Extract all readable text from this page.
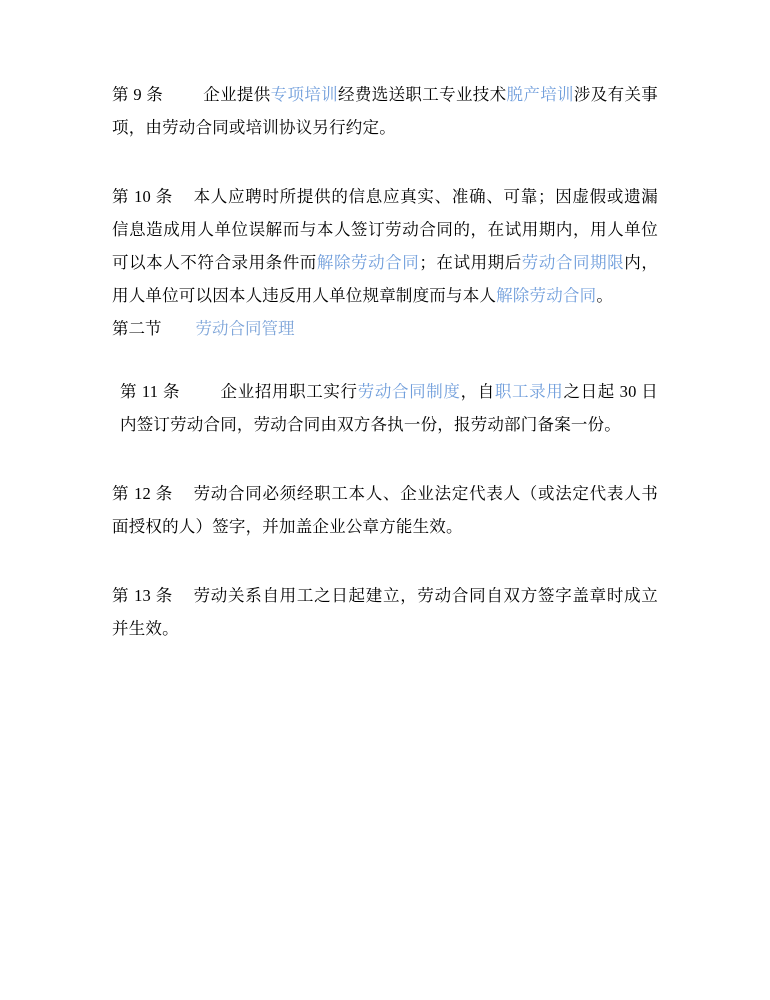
第 9 条 企业提供专项培训经费选送职工专业技术脱产培训涉及有关事项，由劳动合同或培训协议另行约定。

第 10 条 本人应聘时所提供的信息应真实、准确、可靠；因虚假或遗漏信息造成用人单位误解而与本人签订劳动合同的，在试用期内，用人单位可以本人不符合录用条件而解除劳动合同；在试用期后劳动合同期限内，用人单位可以因本人违反用人单位规章制度而与本人解除劳动合同。

第二节 劳动合同管理

第 11 条 企业招用职工实行劳动合同制度，自职工录用之日起 30 日内签订劳动合同，劳动合同由双方各执一份，报劳动部门备案一份。

第 12 条 劳动合同必须经职工本人、企业法定代表人（或法定代表人书面授权的人）签字，并加盖企业公章方能生效。

第 13 条 劳动关系自用工之日起建立，劳动合同自双方签字盖章时成立并生效。
